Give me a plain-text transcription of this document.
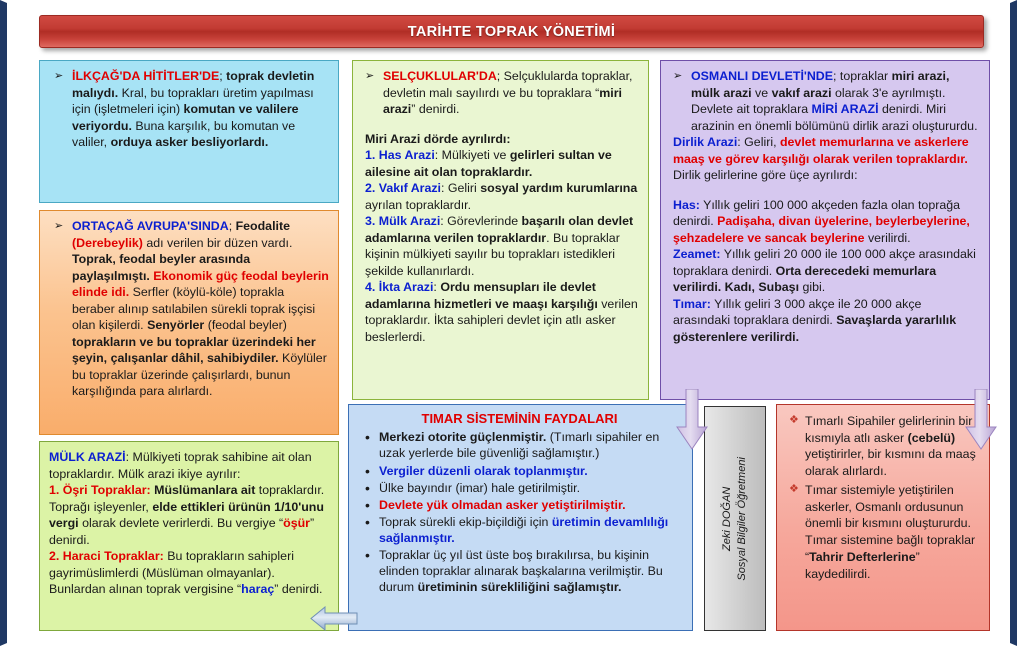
TARİHTE TOPRAK YÖNETİMİ
➢ İLKÇAĞ'DA HİTİTLER'DE; toprak devletin malıydı. Kral, bu toprakları üretim yapılması için (işletmeleri için) komutan ve valilere veriyordu. Buna karşılık, bu komutan ve valiler, orduya asker besliyorlardı.
➢ ORTAÇAĞ AVRUPA'SINDA; Feodalite (Derebeylik) adı verilen bir düzen vardı. Toprak, feodal beyler arasında paylaşılmıştı. Ekonomik güç feodal beylerin elinde idi. Serfler (köylü-köle) toprakla beraber alınıp satılabilen sürekli toprak işçisi olan kişilerdi. Senyörler (feodal beyler) toprakların ve bu topraklar üzerindeki her şeyin, çalışanlar dâhil, sahibiydiler. Köylüler bu topraklar üzerinde çalışırlardı, bunun karşılığında para alırlardı.
MÜLK ARAZİ: Mülkiyeti toprak sahibine ait olan topraklardır. Mülk arazi ikiye ayrılır:
1. Öşri Topraklar: Müslümanlara ait topraklardır. Toprağı işleyenler, elde ettikleri ürünün 1/10'unu vergi olarak devlete verirlerdi. Bu vergiye “öşür” denirdi.
2. Haraci Topraklar: Bu toprakların sahipleri gayrimüslimlerdi (Müslüman olmayanlar). Bunlardan alınan toprak vergisine “haraç” denirdi.
➢ SELÇUKLULAR'DA; Selçuklularda topraklar, devletin malı sayılırdı ve bu topraklara “miri arazi” denirdi.
Miri Arazi dörde ayrılırdı:
1. Has Arazi: Mülkiyeti ve gelirleri sultan ve ailesine ait olan topraklardır.
2. Vakıf Arazi: Geliri sosyal yardım kurumlarına ayrılan topraklardır.
3. Mülk Arazi: Görevlerinde başarılı olan devlet adamlarına verilen topraklardır. Bu topraklar kişinin mülkiyeti sayılır bu toprakları istedikleri şekilde kullanırlardı.
4. İkta Arazi: Ordu mensupları ile devlet adamlarına hizmetleri ve maaşı karşılığı verilen topraklardır. İkta sahipleri devlet için atlı asker beslerlerdi.
➢ OSMANLI DEVLETİ'NDE; topraklar miri arazi, mülk arazi ve vakıf arazi olarak 3'e ayrılmıştı. Devlete ait topraklara MİRİ ARAZİ denirdi. Miri arazinin en önemli bölümünü dirlik arazi oluştururdu.
Dirlik Arazi: Geliri, devlet memurlarına ve askerlere maaş ve görev karşılığı olarak verilen topraklardır. Dirlik gelirlerine göre üçe ayrılırdı:
Has: Yıllık geliri 100 000 akçeden fazla olan toprağa denirdi. Padişaha, divan üyelerine, beylerbeylerine, şehzadelere ve sancak beylerine verilirdi.
Zeamet: Yıllık geliri 20 000 ile 100 000 akçe arasındaki topraklara denirdi. Orta derecedeki memurlara verilirdi. Kadı, Subaşı gibi.
Tımar: Yıllık geliri 3 000 akçe ile 20 000 akçe arasındaki topraklara denirdi. Savaşlarda yararlılık gösterenlere verilirdi.
TIMAR SİSTEMİNİN FAYDALARI
• Merkezi otorite güçlenmiştir. (Tımarlı sipahiler en uzak yerlerde bile güvenliği sağlamıştır.)
• Vergiler düzenli olarak toplanmıştır.
• Ülke bayındır (imar) hale getirilmiştir.
• Devlete yük olmadan asker yetiştirilmiştir.
• Toprak sürekli ekip-biçildiği için üretimin devamlılığı sağlanmıştır.
• Topraklar üç yıl üst üste boş bırakılırsa, bu kişinin elinden topraklar alınarak başkalarına verilmiştir. Bu durum üretiminin sürekliliğini sağlamıştır.
Zeki DOĞAN Sosyal Bilgiler Öğretmeni
❖ Tımarlı Sipahiler gelirlerinin bir kısmıyla atlı asker (cebelü) yetiştirirler, bir kısmını da maaş olarak alırlardı.
❖ Tımar sistemiyle yetiştirilen askerler, Osmanlı ordusunun önemli bir kısmını oluştururdu. Tımar sistemine bağlı topraklar “Tahrir Defterlerine” kaydedilirdi.
